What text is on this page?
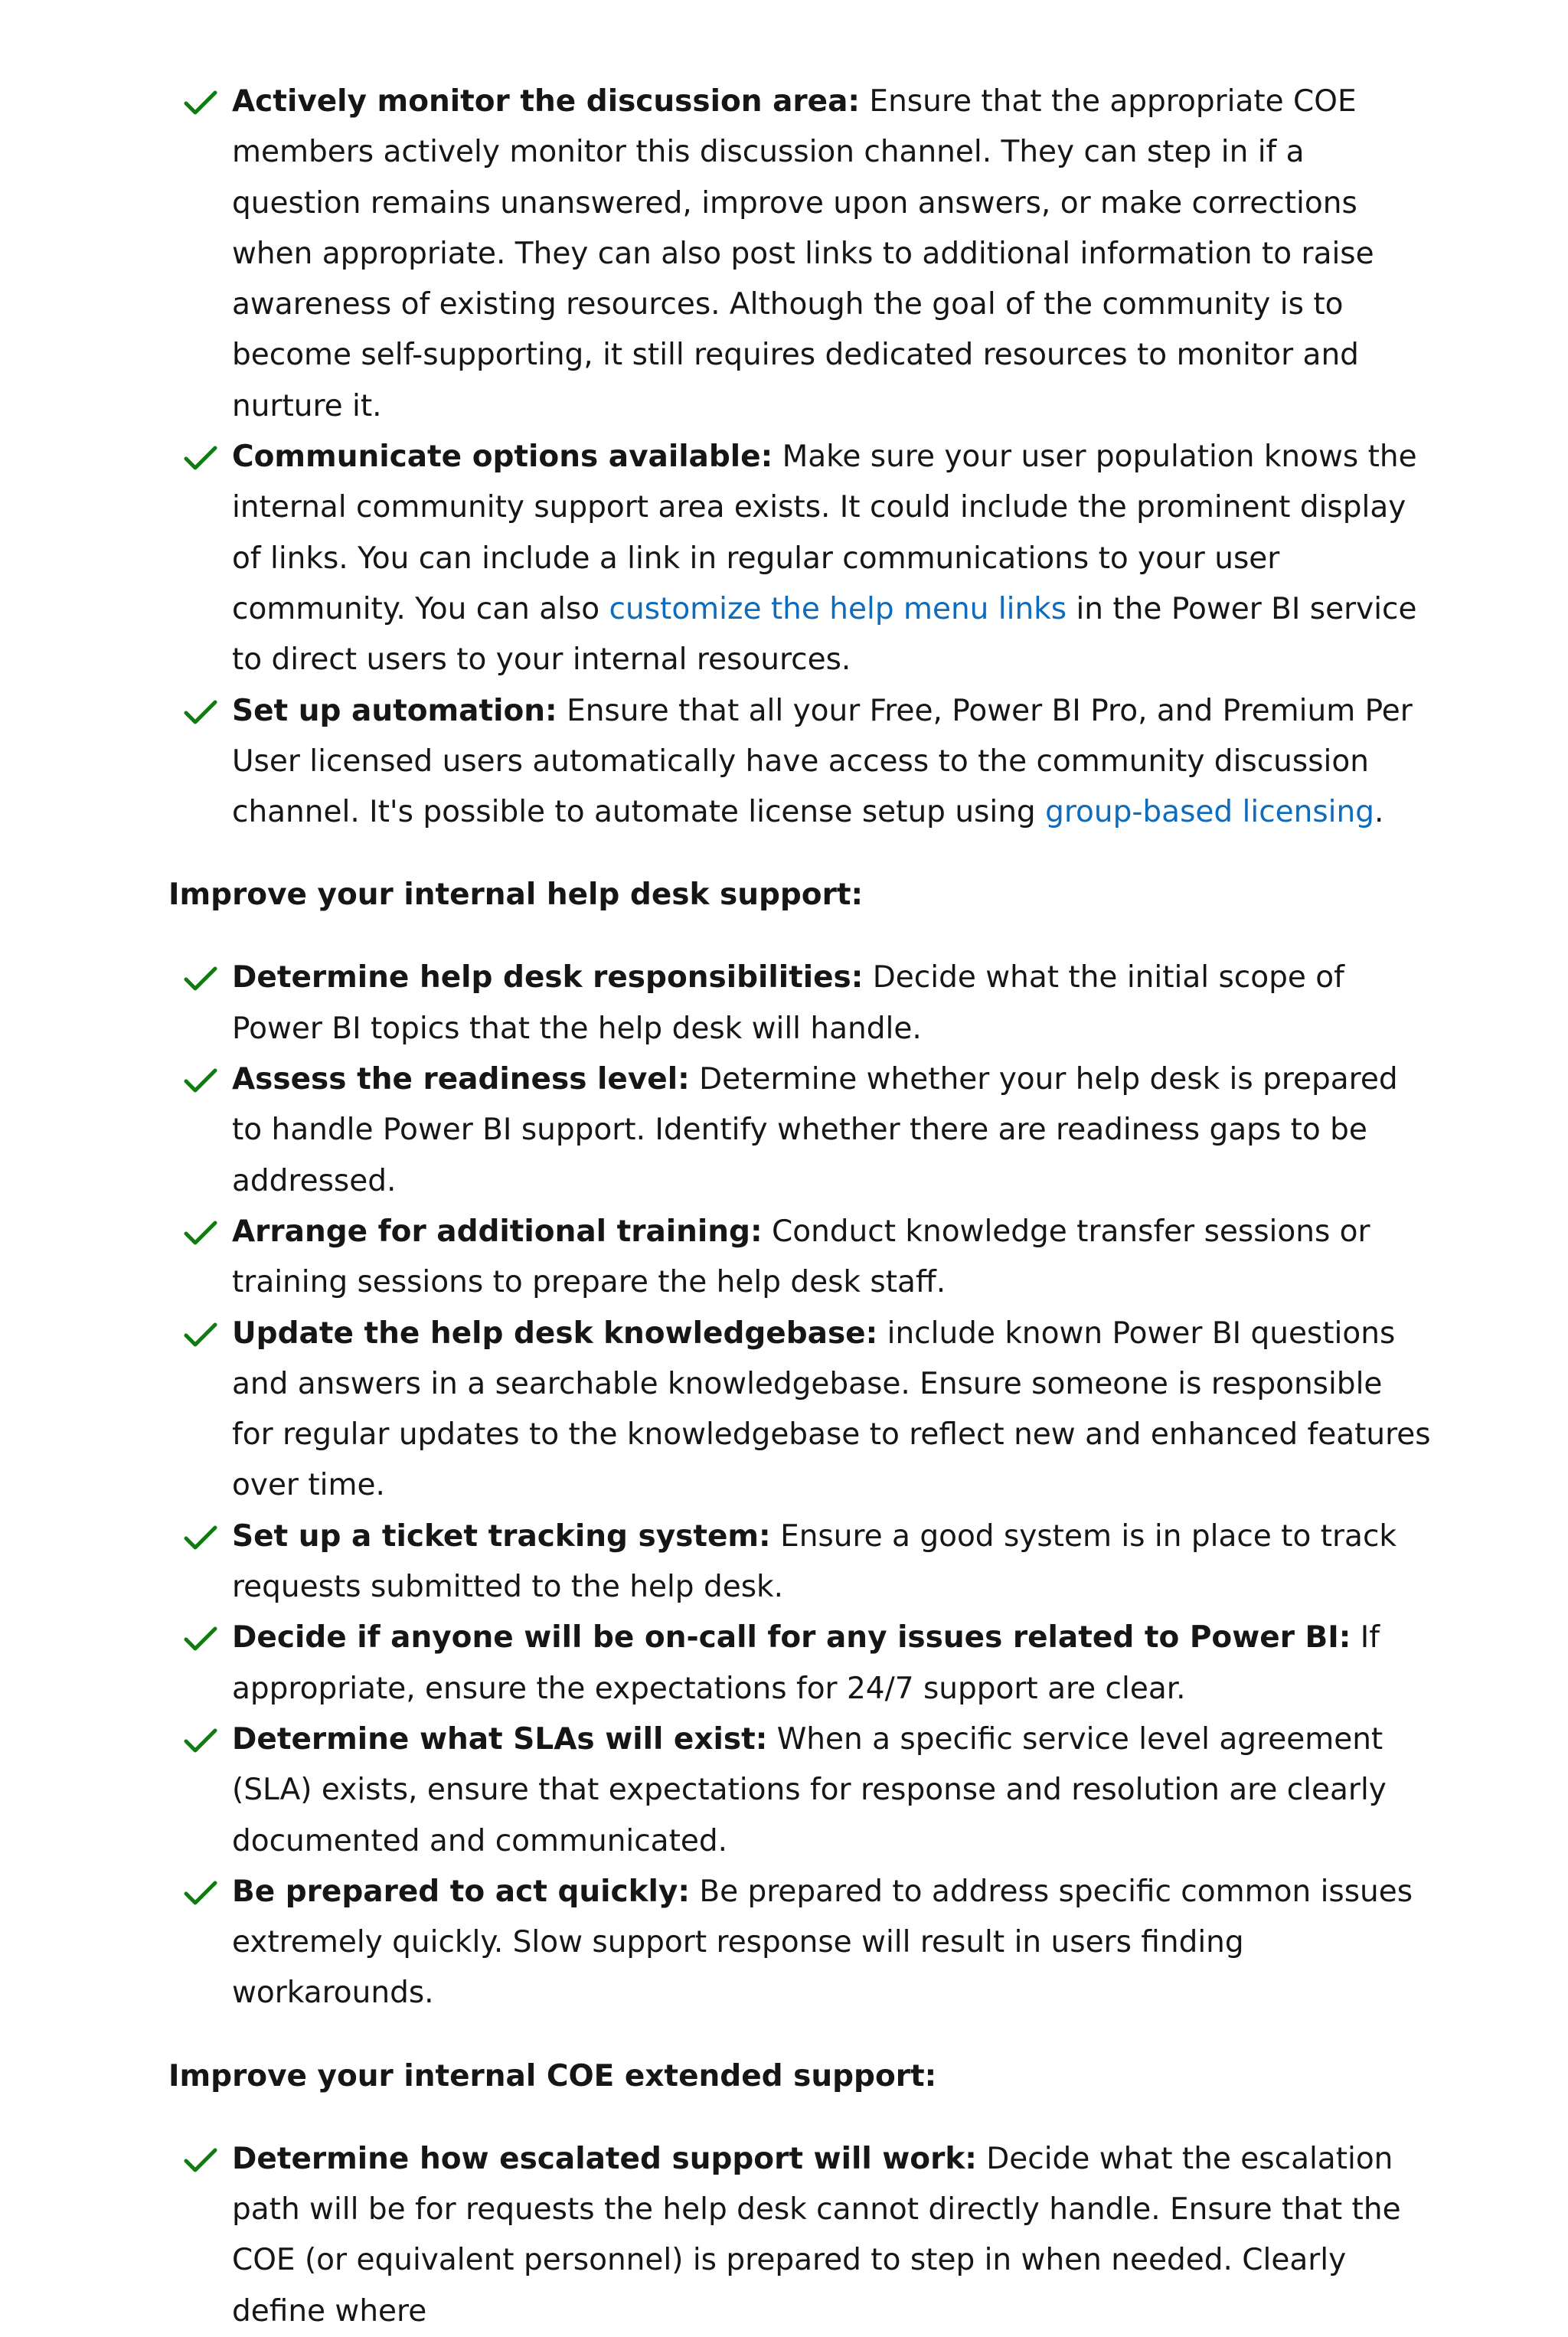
Actively monitor the discussion area: Ensure that the appropriate COE members actively monitor this discussion channel. They can step in if a question remains unanswered, improve upon answers, or make corrections when appropriate. They can also post links to additional information to raise awareness of existing resources. Although the goal of the community is to become self-supporting, it still requires dedicated resources to monitor and nurture it.
Communicate options available: Make sure your user population knows the internal community support area exists. It could include the prominent display of links. You can include a link in regular communications to your user community. You can also customize the help menu links in the Power BI service to direct users to your internal resources.
Set up automation: Ensure that all your Free, Power BI Pro, and Premium Per User licensed users automatically have access to the community discussion channel. It's possible to automate license setup using group-based licensing.
Improve your internal help desk support:
Determine help desk responsibilities: Decide what the initial scope of Power BI topics that the help desk will handle.
Assess the readiness level: Determine whether your help desk is prepared to handle Power BI support. Identify whether there are readiness gaps to be addressed.
Arrange for additional training: Conduct knowledge transfer sessions or training sessions to prepare the help desk staff.
Update the help desk knowledgebase: include known Power BI questions and answers in a searchable knowledgebase. Ensure someone is responsible for regular updates to the knowledgebase to reflect new and enhanced features over time.
Set up a ticket tracking system: Ensure a good system is in place to track requests submitted to the help desk.
Decide if anyone will be on-call for any issues related to Power BI: If appropriate, ensure the expectations for 24/7 support are clear.
Determine what SLAs will exist: When a specific service level agreement (SLA) exists, ensure that expectations for response and resolution are clearly documented and communicated.
Be prepared to act quickly: Be prepared to address specific common issues extremely quickly. Slow support response will result in users finding workarounds.
Improve your internal COE extended support:
Determine how escalated support will work: Decide what the escalation path will be for requests the help desk cannot directly handle. Ensure that the COE (or equivalent personnel) is prepared to step in when needed. Clearly define where
